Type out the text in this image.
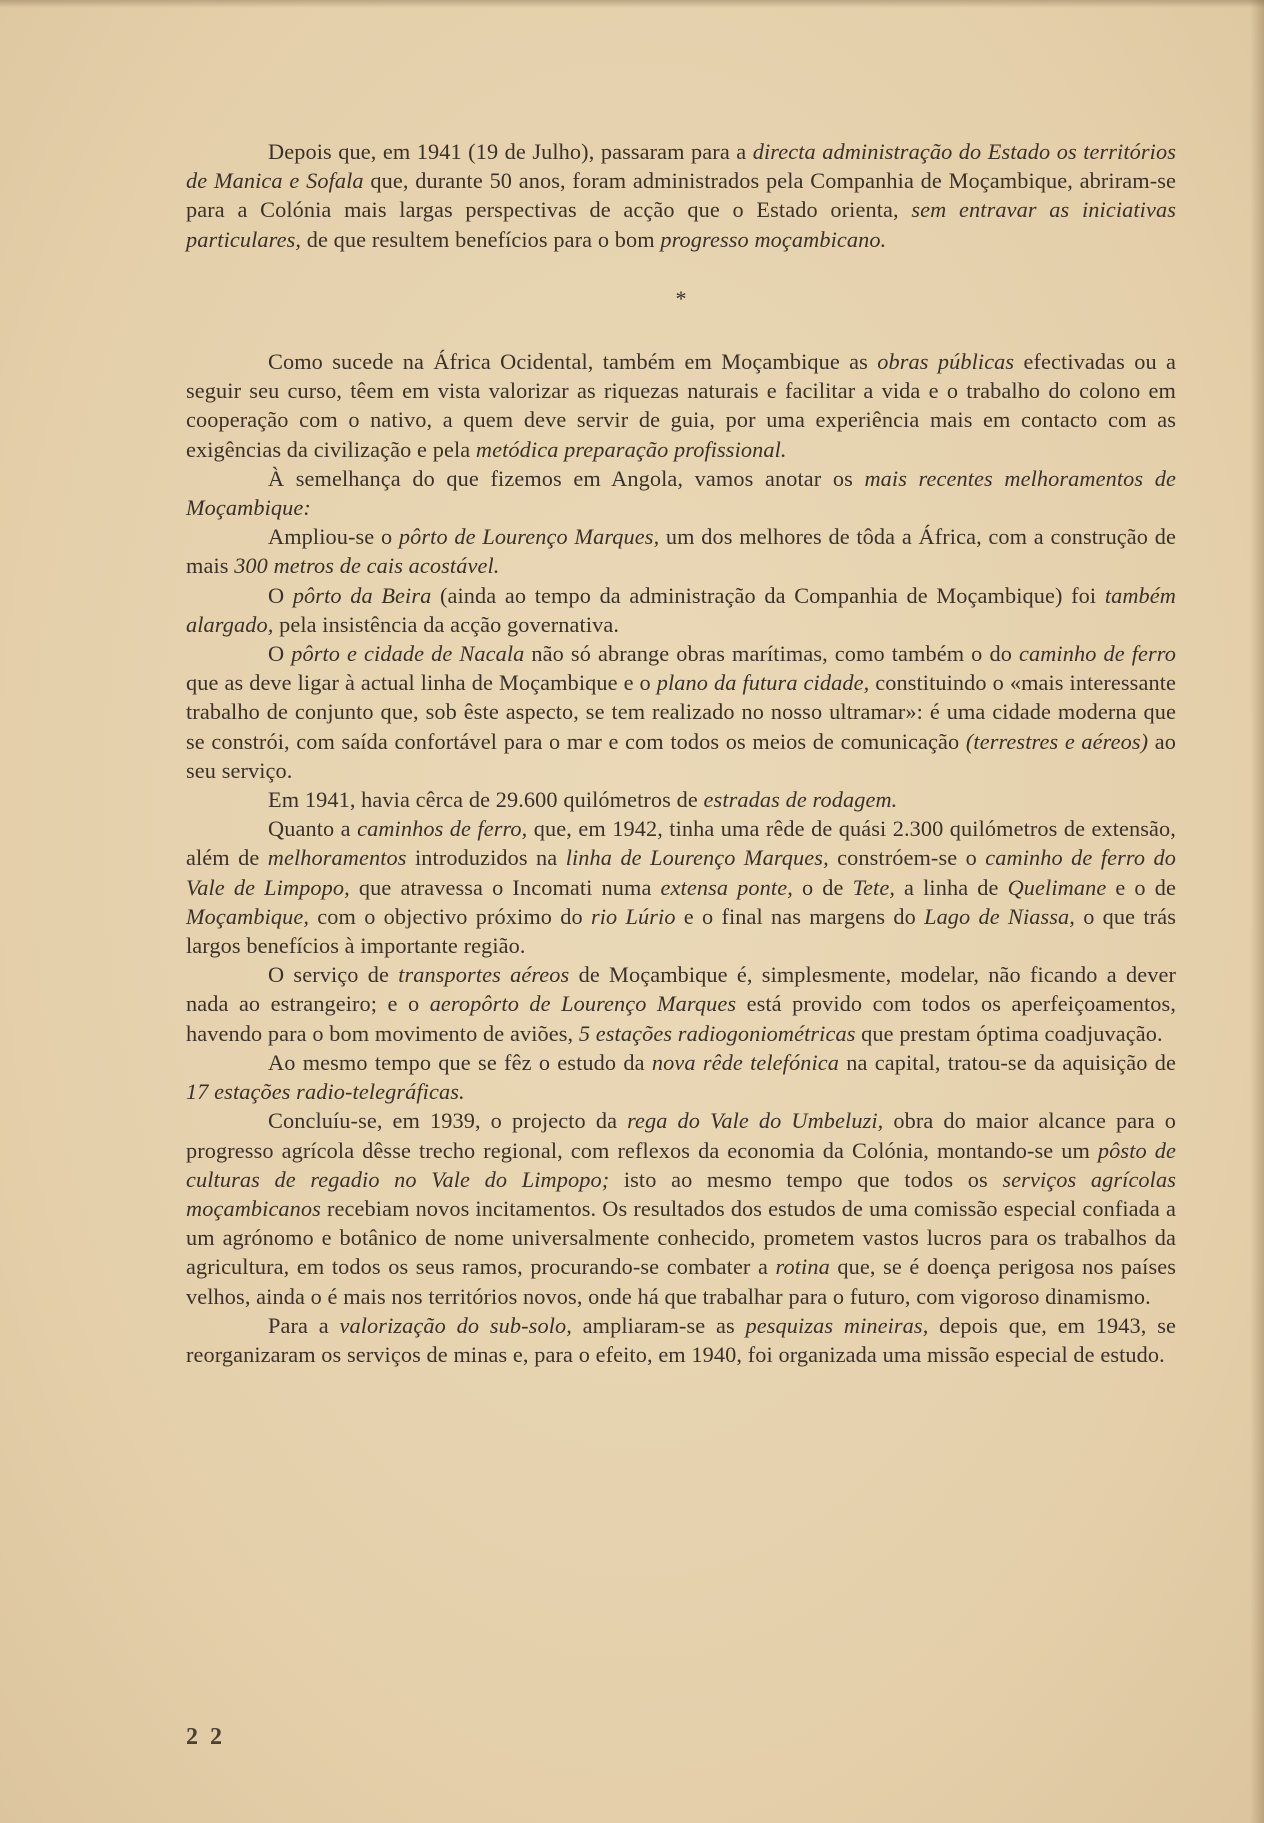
Depois que, em 1941 (19 de Julho), passaram para a directa administração do Estado os territórios de Manica e Sofala que, durante 50 anos, foram administrados pela Companhia de Moçambique, abriram-se para a Colónia mais largas perspectivas de acção que o Estado orienta, sem entravar as iniciativas particulares, de que resultem benefícios para o bom progresso moçambicano.

*

Como sucede na África Ocidental, também em Moçambique as obras públicas efectivadas ou a seguir seu curso, têem em vista valorizar as riquezas naturais e facilitar a vida e o trabalho do colono em cooperação com o nativo, a quem deve servir de guia, por uma experiência mais em contacto com as exigências da civilização e pela metódica preparação profissional.

À semelhança do que fizemos em Angola, vamos anotar os mais recentes melhoramentos de Moçambique:

Ampliou-se o pôrto de Lourenço Marques, um dos melhores de tôda a África, com a construção de mais 300 metros de cais acostável.

O pôrto da Beira (ainda ao tempo da administração da Companhia de Moçambique) foi também alargado, pela insistência da acção governativa.

O pôrto e cidade de Nacala não só abrange obras marítimas, como também o do caminho de ferro que as deve ligar à actual linha de Moçambique e o plano da futura cidade, constituindo o «mais interessante trabalho de conjunto que, sob êste aspecto, se tem realizado no nosso ultramar»: é uma cidade moderna que se constrói, com saída confortável para o mar e com todos os meios de comunicação (terrestres e aéreos) ao seu serviço.

Em 1941, havia cêrca de 29.600 quilómetros de estradas de rodagem.

Quanto a caminhos de ferro, que, em 1942, tinha uma rêde de quási 2.300 quilómetros de extensão, além de melhoramentos introduzidos na linha de Lourenço Marques, constróem-se o caminho de ferro do Vale de Limpopo, que atravessa o Incomati numa extensa ponte, o de Tete, a linha de Quelimane e o de Moçambique, com o objectivo próximo do rio Lúrio e o final nas margens do Lago de Niassa, o que trás largos benefícios à importante região.

O serviço de transportes aéreos de Moçambique é, simplesmente, modelar, não ficando a dever nada ao estrangeiro; e o aeropôrto de Lourenço Marques está provido com todos os aperfeiçoamentos, havendo para o bom movimento de aviões, 5 estações radiogoniométricas que prestam óptima coadjuvação.

Ao mesmo tempo que se fêz o estudo da nova rêde telefónica na capital, tratou-se da aquisição de 17 estações radio-telegráficas.

Concluíu-se, em 1939, o projecto da rega do Vale do Umbeluzi, obra do maior alcance para o progresso agrícola dêsse trecho regional, com reflexos da economia da Colónia, montando-se um pôsto de culturas de regadio no Vale do Limpopo; isto ao mesmo tempo que todos os serviços agrícolas moçambicanos recebiam novos incitamentos. Os resultados dos estudos de uma comissão especial confiada a um agrónomo e botânico de nome universalmente conhecido, prometem vastos lucros para os trabalhos da agricultura, em todos os seus ramos, procurando-se combater a rotina que, se é doença perigosa nos países velhos, ainda o é mais nos territórios novos, onde há que trabalhar para o futuro, com vigoroso dinamismo.

Para a valorização do sub-solo, ampliaram-se as pesquizas mineiras, depois que, em 1943, se reorganizaram os serviços de minas e, para o efeito, em 1940, foi organizada uma missão especial de estudo.

2 2
